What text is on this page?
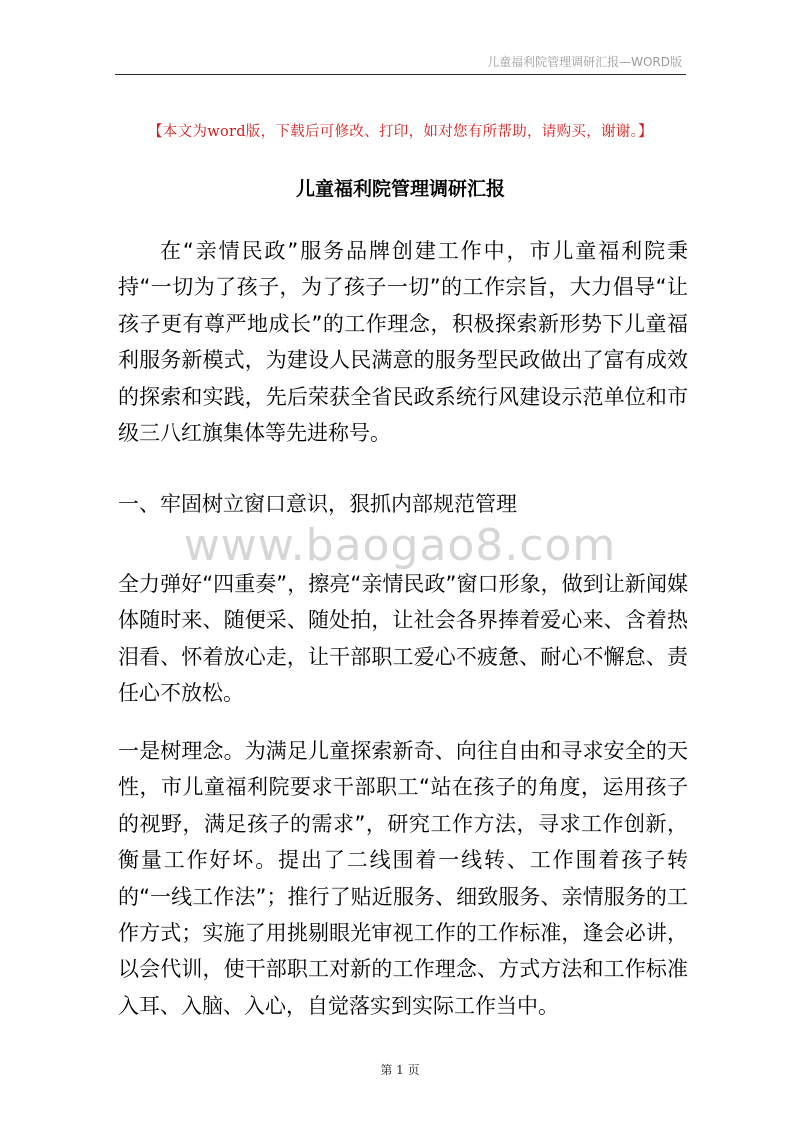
儿童福利院管理调研汇报—WORD版
【本文为word版，下载后可修改、打印，如对您有所帮助，请购买，谢谢。】
儿童福利院管理调研汇报

在“亲情民政”服务品牌创建工作中，市儿童福利院秉持“一切为了孩子，为了孩子一切”的工作宗旨，大力倡导“让孩子更有尊严地成长”的工作理念，积极探索新形势下儿童福利服务新模式，为建设人民满意的服务型民政做出了富有成效的探索和实践，先后荣获全省民政系统行风建设示范单位和市级三八红旗集体等先进称号。

一、牢固树立窗口意识，狠抓内部规范管理

全力弹好“四重奏”，擦亮“亲情民政”窗口形象，做到让新闻媒体随时来、随便采、随处拍，让社会各界捧着爱心来、含着热泪看、怀着放心走，让干部职工爱心不疲惫、耐心不懈怠、责任心不放松。

一是树理念。为满足儿童探索新奇、向往自由和寻求安全的天性，市儿童福利院要求干部职工“站在孩子的角度，运用孩子的视野，满足孩子的需求”，研究工作方法，寻求工作创新，衡量工作好坏。提出了二线围着一线转、工作围着孩子转的“一线工作法”；推行了贴近服务、细致服务、亲情服务的工作方式；实施了用挑剔眼光审视工作的工作标准，逢会必讲，以会代训，使干部职工对新的工作理念、方式方法和工作标准入耳、入脑、入心，自觉落实到实际工作当中。

www.baogao8.com
第 1 页
